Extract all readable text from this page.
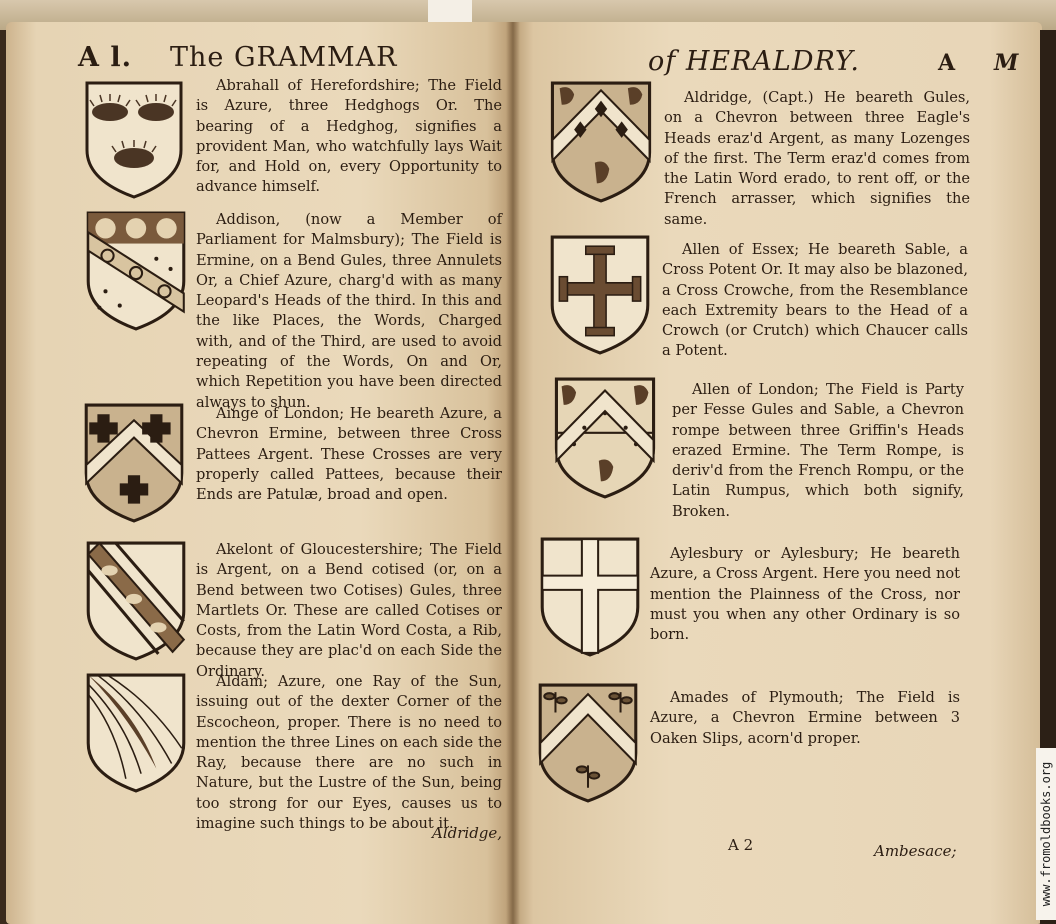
A l. The GRAMMAR	of HERALDRY.	A M

Abrahall of Herefordshire; The Field is Azure, three Hedghogs Or. The bearing of a Hedghog, signifies a provident Man, who watchfully lays Wait for, and Hold on, every Opportunity to advance himself.

Addison, (now a Member of Parliament for Malmsbury); The Field is Ermine, on a Bend Gules, three Annulets Or, a Chief Azure, charg'd with as many Leopard's Heads of the third. In this and the like Places, the Words, Charged with, and of the Third, are used to avoid repeating of the Words, On and Or, which Repetition you have been directed always to shun.

Ainge of London; He beareth Azure, a Chevron Ermine, between three Cross Pattees Argent. These Crosses are very properly called Pattees, because their Ends are Patulæ, broad and open.

Akelont of Gloucestershire; The Field is Argent, on a Bend cotised (or, on a Bend between two Cotises) Gules, three Martlets Or. These are called Cotises or Costs, from the Latin Word Costa, a Rib, because they are plac'd on each Side the Ordinary.

Aldam; Azure, one Ray of the Sun, issuing out of the dexter Corner of the Escocheon, proper. There is no need to mention the three Lines on each side the Ray, because there are no such in Nature, but the Lustre of the Sun, being too strong for our Eyes, causes us to imagine such things to be about it.

Aldridge, (Capt.) He beareth Gules, on a Chevron between three Eagle's Heads eraz'd Argent, as many Lozenges of the first. The Term eraz'd comes from the Latin Word erado, to rent off, or the French arrasser, which signifies the same.

Allen of Essex; He beareth Sable, a Cross Potent Or. It may also be blazoned, a Cross Crowche, from the Resemblance each Extremity bears to the Head of a Crowch (or Crutch) which Chaucer calls a Potent.

Allen of London; The Field is Party per Fesse Gules and Sable, a Chevron rompe between three Griffin's Heads erazed Ermine. The Term Rompe, is deriv'd from the French Rompu, or the Latin Rumpus, which both signify, Broken.

Aylesbury or Aylesbury; He beareth Azure, a Cross Argent. Here you need not mention the Plainness of the Cross, nor must you when any other Ordinary is so born.

Amades of Plymouth; The Field is Azure, a Chevron Ermine between 3 Oaken Slips, acorn'd proper.

Aldridge,
A 2	Ambesace;	www.fromoldbooks.org
